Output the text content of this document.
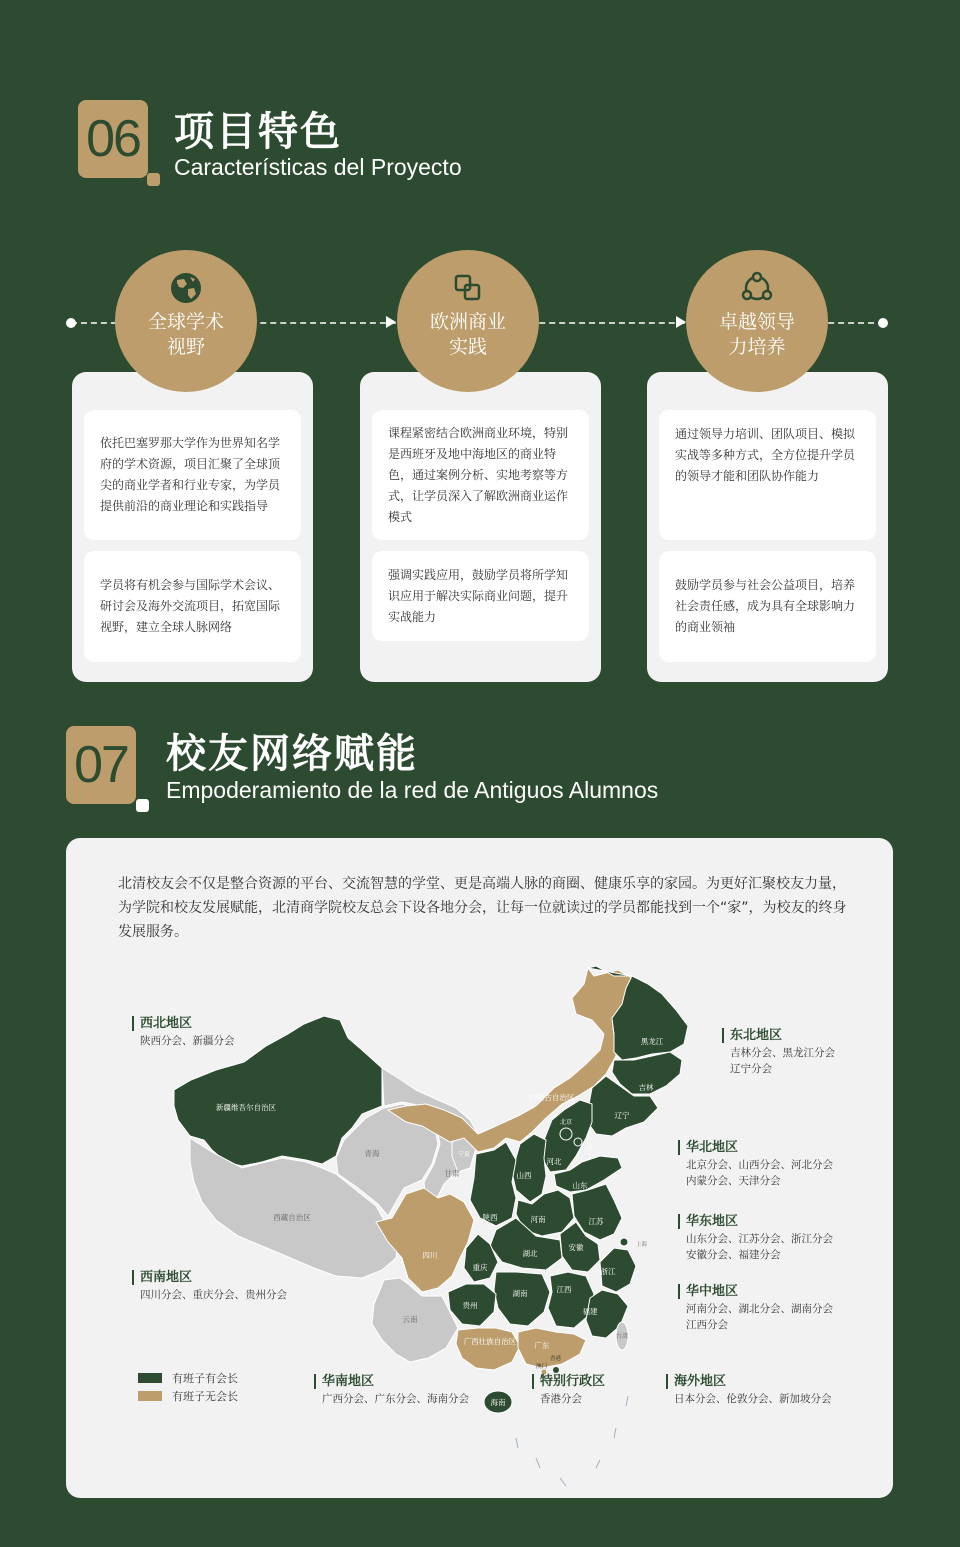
06 项目特色
Características del Proyecto
依托巴塞罗那大学作为世界知名学府的学术资源，项目汇聚了全球顶尖的商业学者和行业专家，为学员提供前沿的商业理论和实践指导
学员将有机会参与国际学术会议、研讨会及海外交流项目，拓宽国际视野，建立全球人脉网络
全球学术视野
课程紧密结合欧洲商业环境，特别是西班牙及地中海地区的商业特色，通过案例分析、实地考察等方式，让学员深入了解欧洲商业运作模式
强调实践应用，鼓励学员将所学知识应用于解决实际商业问题，提升实战能力
欧洲商业实践
通过领导力培训、团队项目、模拟实战等多种方式，全方位提升学员的领导才能和团队协作能力
鼓励学员参与社会公益项目，培养社会责任感，成为具有全球影响力的商业领袖
卓越领导力培养
07 校友网络赋能
Empoderamiento de la red de Antiguos Alumnos
北清校友会不仅是整合资源的平台、交流智慧的学堂、更是高端人脉的商圈、健康乐享的家园。为更好汇聚校友力量，为学院和校友发展赋能，北清商学院校友总会下设各地分会，让每一位就读过的学员都能找到一个“家”，为校友的终身发展服务。
新疆维吾尔自治区
黑龙江
吉林
辽宁
河北
山西
山东
陕西	河南	江苏
安徽
湖北
重庆	浙江
湖南	江西
贵州
福建
四川
内蒙古自治区
广西壮族自治区 广东
海南
北京
天津
宁夏
西藏自治区
青海
甘肃
云南
台湾
上海
香港
澳门
西北地区
陕西分会、新疆分会	东北地区
吉林分会、黑龙江分会
辽宁分会
华北地区
北京分会、山西分会、河北分会
内蒙分会、天津分会
华东地区
山东分会、江苏分会、浙江分会
安徽分会、福建分会
西南地区
四川分会、重庆分会、贵州分会	华中地区
河南分会、湖北分会、湖南分会
江西分会
华南地区
广西分会、广东分会、海南分会
特别行政区
香港分会
海外地区
日本分会、伦敦分会、新加坡分会
有班子有会长
有班子无会长
